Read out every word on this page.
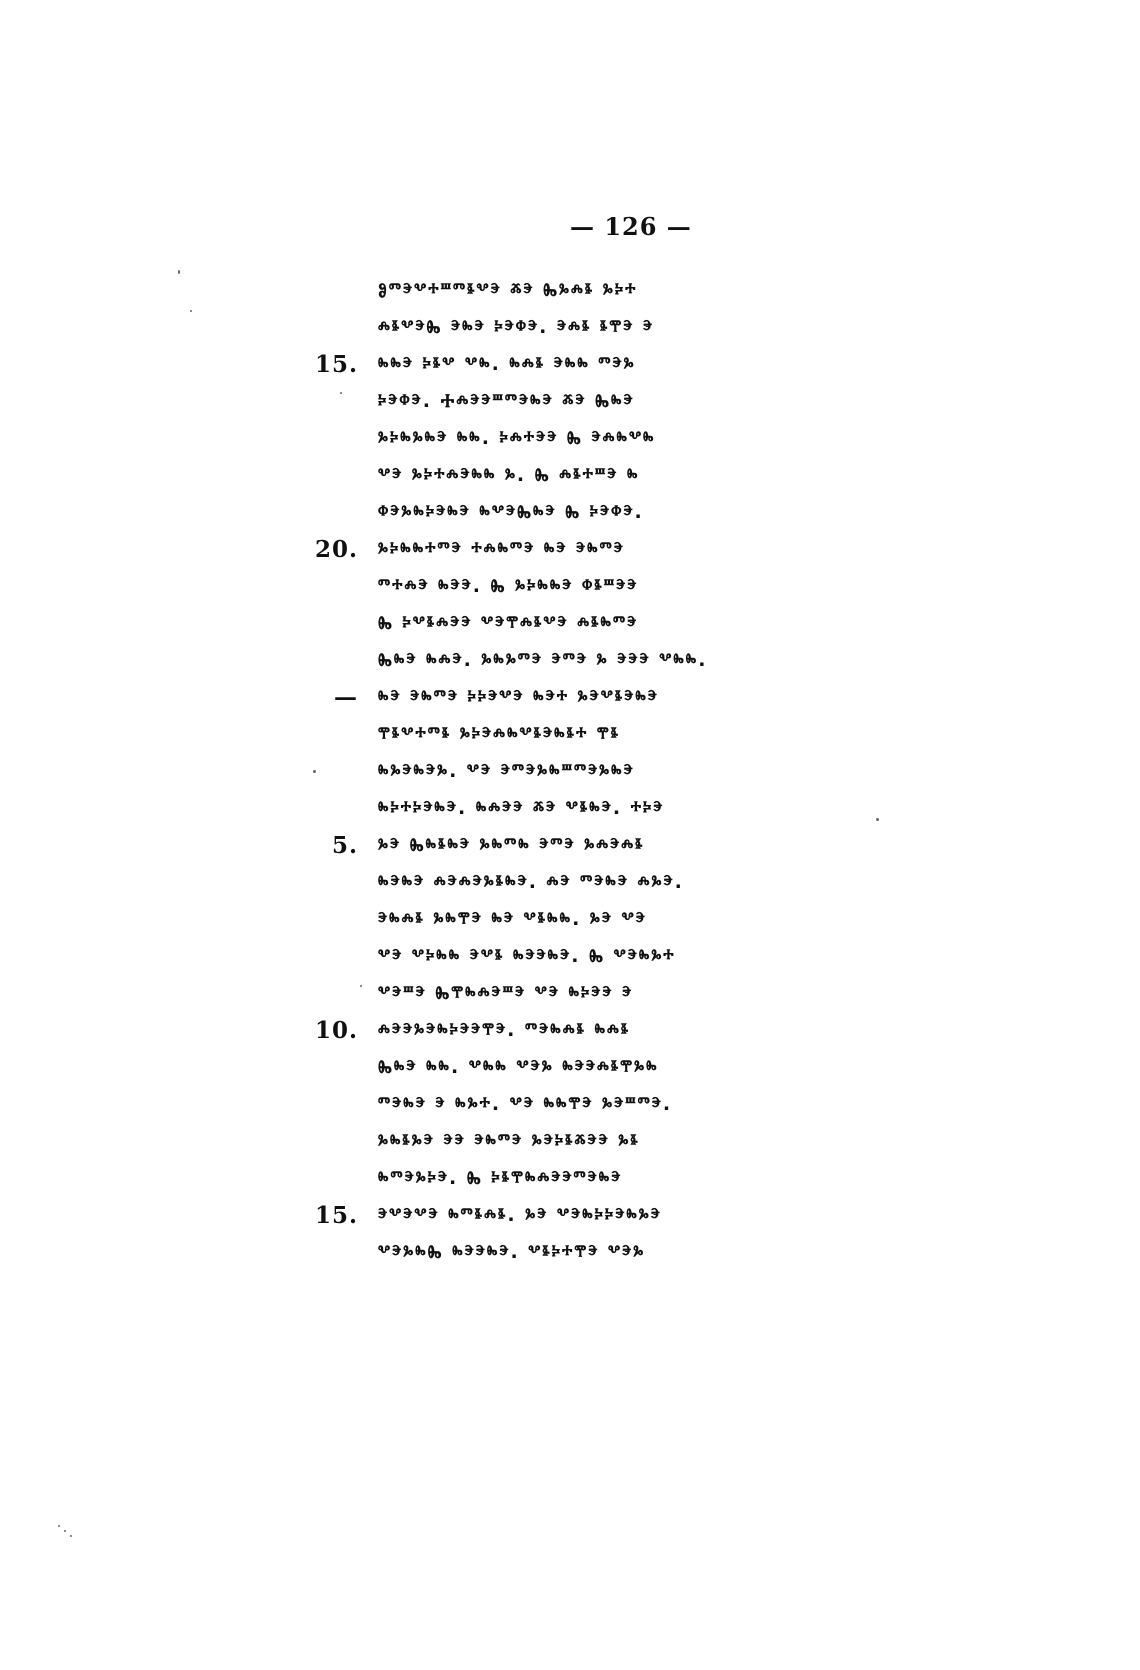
— 126 —
Ⱁⱅⰵⰲⰰⱎⱅⱛⰲⰵ ⰶⰵ Ⰸⰳⰾⱛ ⰳⰽⰰ
ⰾⱛⰲⰵⰈ ⰵⰸⰵ ⰽⰵⱇⰵ. ⰵⰾⱛ ⱛⰹⰵ ⰵ
15. ⰸⰸⰵ ⰽⱛⰲ ⰲⰸ. ⰸⰾⱛ ⰵⰸⰸ ⱅⰵⰳ
ⰽⰵⱇⰵ. Ⰰⰾⰵⰵⱎⱅⰵⰸⰵ ⰶⰵ Ⰸⰸⰵ
ⰳⰽⰸⰳⰸⰵ ⰸⰸ. ⰽⰾⰰⰵⰵ Ⰸ ⰵⰾⰸⰲⰸ
ⰲⰵ ⰳⰽⰰⰾⰵⰸⰸ ⰳ. Ⰸ ⰾⱛⰰⱎⰵ ⰸ
ⱇⰵⰳⰸⰽⰵⰸⰵ ⰸⰲⰵⰈⰸⰵ Ⰸ ⰽⰵⱇⰵ.
20. ⰳⰽⰸⰸⰰⱅⰵ ⰰⰾⰸⱅⰵ ⰸⰵ ⰵⰸⱅⰵ
ⱅⰰⰾⰵ ⰸⰵⰵ. Ⰸ ⰳⰽⰸⰸⰵ ⱇⱛⱎⰵⰵ
Ⰸ ⰽⰲⱛⰾⰵⰵ ⰲⰵⰹⰾⱛⰲⰵ ⰾⱛⰸⱅⰵ
Ⰸⰸⰵ ⰸⰾⰵ. ⰳⰸⰳⱅⰵ ⰵⱅⰵ ⰳ ⰵⰵⰵ ⰲⰸⰸ.
— ⰸⰵ ⰵⰸⱅⰵ ⰽⰽⰵⰲⰵ ⰸⰵⰰ ⰳⰵⰲⱛⰵⰸⰵ
ⰹⱛⰲⰰⱅⱛ ⰳⰽⰵⰾⰸⰲⱛⰵⰸⱛⰰ ⰹⱛ
ⰸⰳⰵⰸⰵⰳ. ⰲⰵ ⰵⱅⰵⰳⰸⱎⱅⰵⰳⰸⰵ
ⰸⰽⰰⰽⰵⰸⰵ. ⰸⰾⰵⰵ ⰶⰵ ⰲⱛⰸⰵ. ⰰⰽⰵ
5. ⰳⰵ Ⰸⰸⱛⰸⰵ ⰳⰸⱅⰸ ⰵⱅⰵ ⰳⰾⰵⰾⱛ
ⰸⰵⰸⰵ ⰾⰵⰾⰵⰳⱛⰸⰵ. ⰾⰵ ⱅⰵⰸⰵ ⰾⰳⰵ.
ⰵⰸⰾⱛ ⰳⰸⰹⰵ ⰸⰵ ⰲⱛⰸⰸ. ⰳⰵ ⰲⰵ
ⰲⰵ ⰲⰽⰸⰸ ⰵⰲⱛ ⰸⰵⰵⰸⰵ. Ⰸ ⰲⰵⰸⰳⰰ
ⰲⰵⱎⰵ Ⰸⰹⰸⰾⰵⱎⰵ ⰲⰵ ⰸⰽⰵⰵ ⰵ
10. ⰾⰵⰵⰳⰵⰸⰽⰵⰵⰹⰵ. ⱅⰵⰸⰾⱛ ⰸⰾⱛ
Ⰸⰸⰵ ⰸⰸ. ⰲⰸⰸ ⰲⰵⰳ ⰸⰵⰵⰾⱛⰹⰳⰸ
ⱅⰵⰸⰵ ⰵ ⰸⰳⰰ. ⰲⰵ ⰸⰸⰹⰵ ⰳⰵⱎⱅⰵ.
ⰳⰸⱛⰳⰵ ⰵⰵ ⰵⰸⱅⰵ ⰳⰵⰽⱛⰶⰵⰵ ⰳⱛ
ⰸⱅⰵⰳⰽⰵ. Ⰸ ⰽⱛⰹⰸⰾⰵⰵⱅⰵⰸⰵ
15. ⰵⰲⰵⰲⰵ ⰸⱅⱛⰾⱛ. ⰳⰵ ⰲⰵⰸⰽⰽⰵⰸⰳⰵ
ⰲⰵⰳⰸⰈ ⰸⰵⰵⰸⰵ. ⰲⱛⰽⰰⰹⰵ ⰲⰵⰳ
